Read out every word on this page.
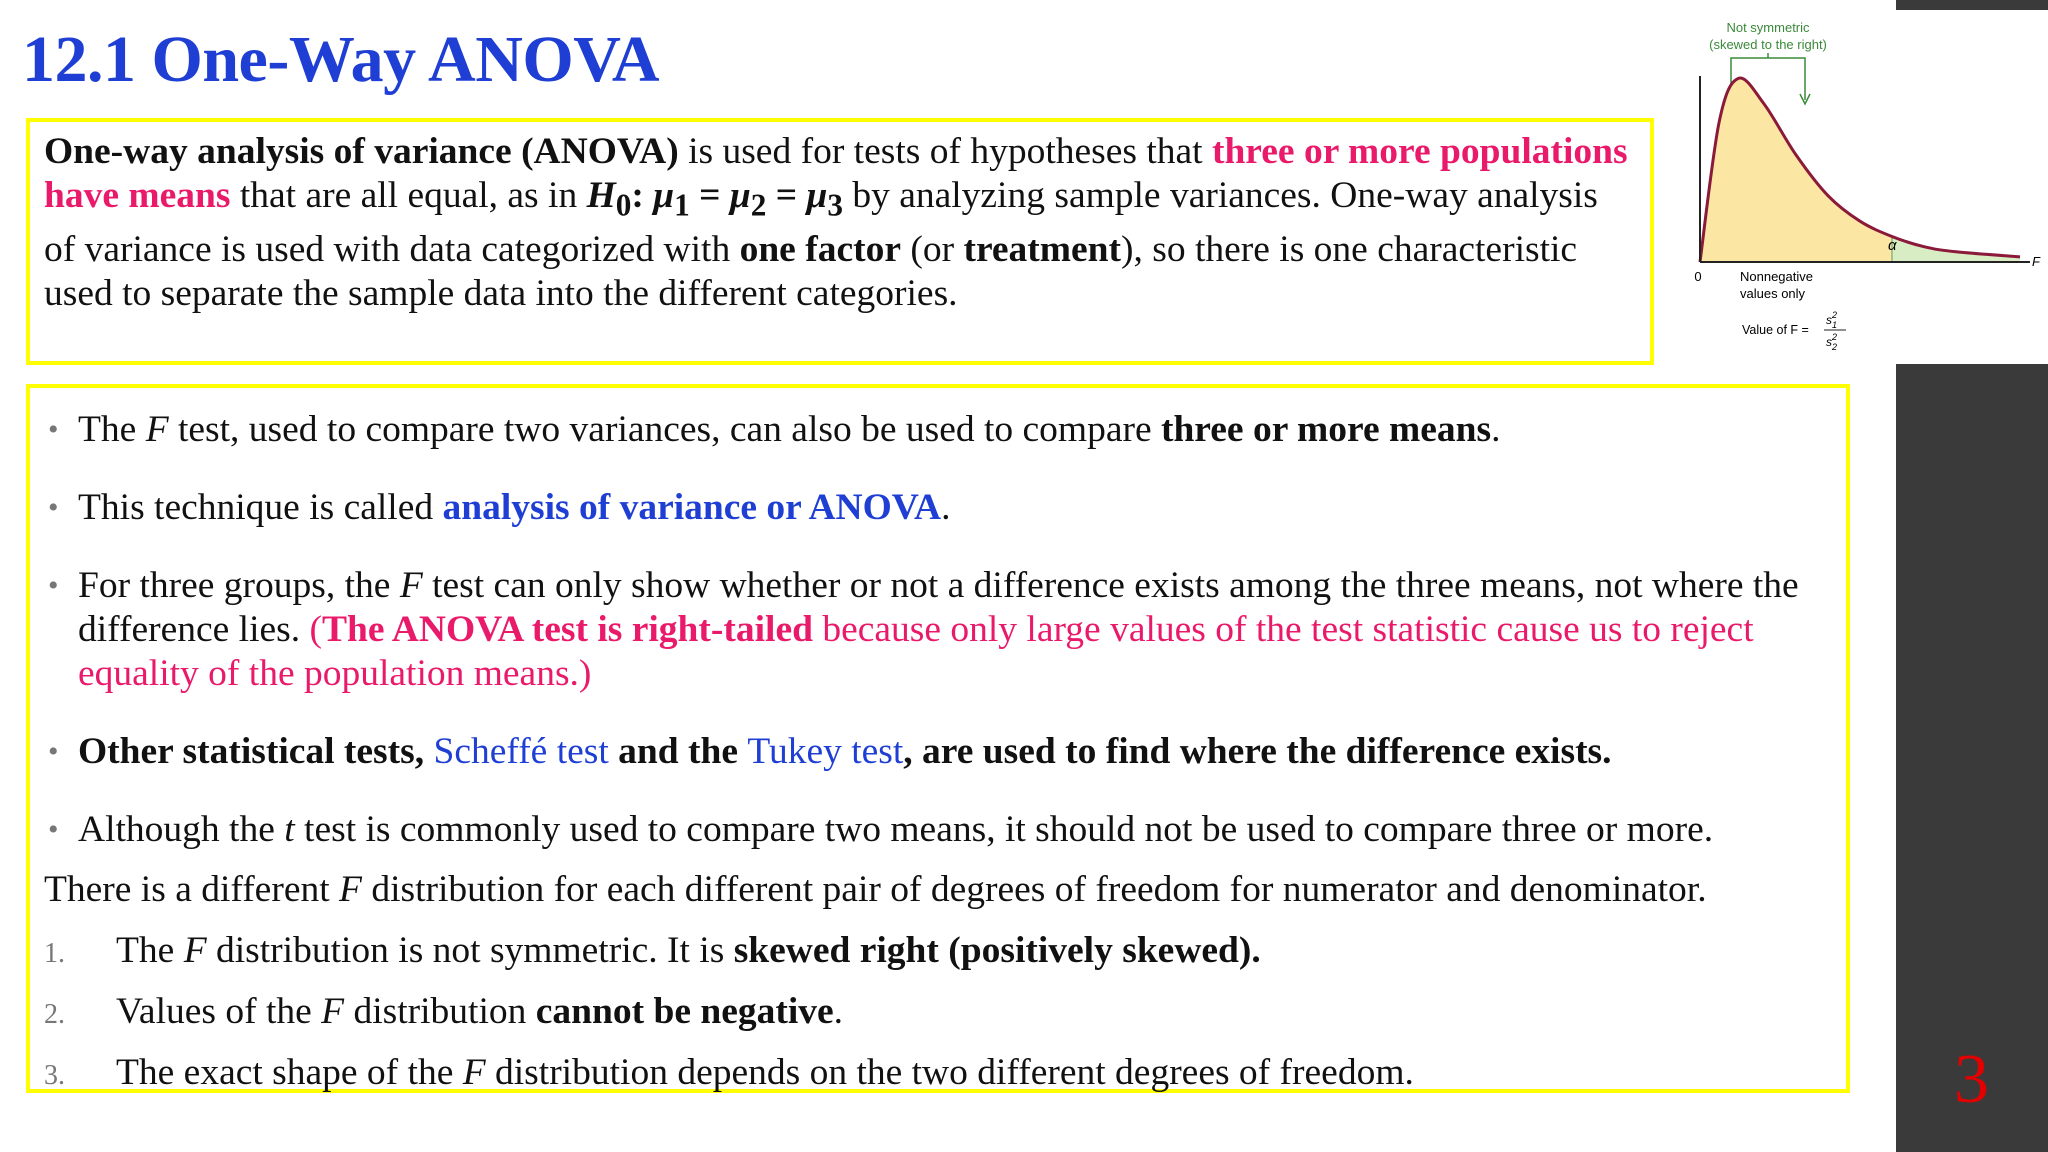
12.1 One-Way ANOVA

One-way analysis of variance (ANOVA) is used for tests of hypotheses that three or more populations have means that are all equal, as in $H_0$: $\mu_1 = \mu_2 = \mu_3$ by analyzing sample variances. One-way analysis of variance is used with data categorized with one factor (or treatment), so there is one characteristic used to separate the sample data into the different categories.

Not symmetric
(skewed to the right)
0
F
α
Nonnegative
values only
Value of F =
$s^2$ 1
$s^2$ 2
• The F test, used to compare two variances, can also be used to compare three or more means.
• This technique is called analysis of variance or ANOVA.
• For three groups, the F test can only show whether or not a difference exists among the three means, not where the difference lies. (The ANOVA test is right-tailed because only large values of the test statistic cause us to reject equality of the population means.)
• Other statistical tests, Scheffé test and the Tukey test, are used to find where the difference exists.
• Although the t test is commonly used to compare two means, it should not be used to compare three or more.
There is a different F distribution for each different pair of degrees of freedom for numerator and denominator.
1. The F distribution is not symmetric. It is skewed right (positively skewed).
2. Values of the F distribution cannot be negative.
3. The exact shape of the F distribution depends on the two different degrees of freedom.	3
